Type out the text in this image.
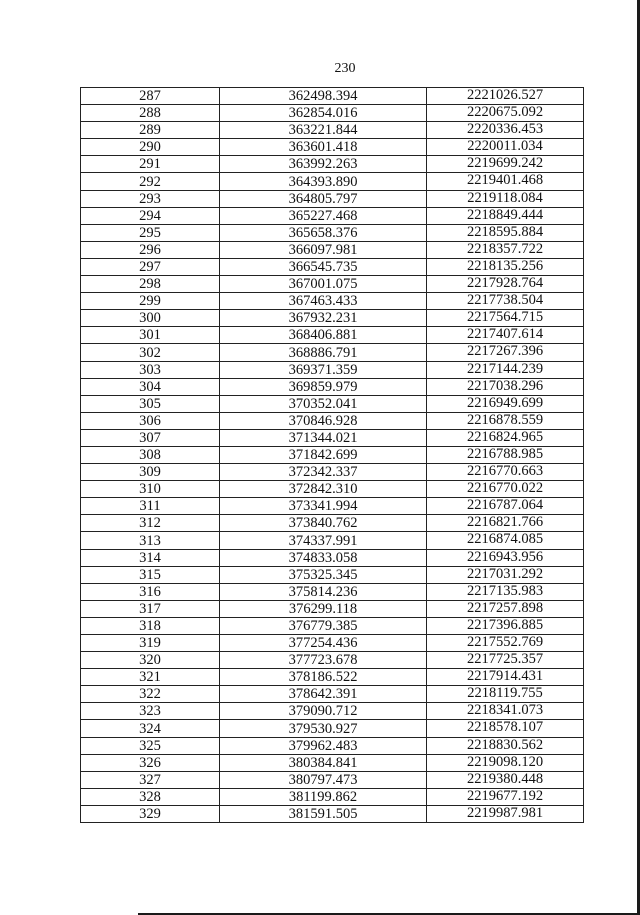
230
287	362498.394	2221026.527
288	362854.016	2220675.092
289	363221.844	2220336.453
290	363601.418	2220011.034
291	363992.263	2219699.242
292	364393.890	2219401.468
293	364805.797	2219118.084
294	365227.468	2218849.444
295	365658.376	2218595.884
296	366097.981	2218357.722
297	366545.735	2218135.256
298	367001.075	2217928.764
299	367463.433	2217738.504
300	367932.231	2217564.715
301	368406.881	2217407.614
302	368886.791	2217267.396
303	369371.359	2217144.239
304	369859.979	2217038.296
305	370352.041	2216949.699
306	370846.928	2216878.559
307	371344.021	2216824.965
308	371842.699	2216788.985
309	372342.337	2216770.663
310	372842.310	2216770.022
311	373341.994	2216787.064
312	373840.762	2216821.766
313	374337.991	2216874.085
314	374833.058	2216943.956
315	375325.345	2217031.292
316	375814.236	2217135.983
317	376299.118	2217257.898
318	376779.385	2217396.885
319	377254.436	2217552.769
320	377723.678	2217725.357
321	378186.522	2217914.431
322	378642.391	2218119.755
323	379090.712	2218341.073
324	379530.927	2218578.107
325	379962.483	2218830.562
326	380384.841	2219098.120
327	380797.473	2219380.448
328	381199.862	2219677.192
329	381591.505	2219987.981
